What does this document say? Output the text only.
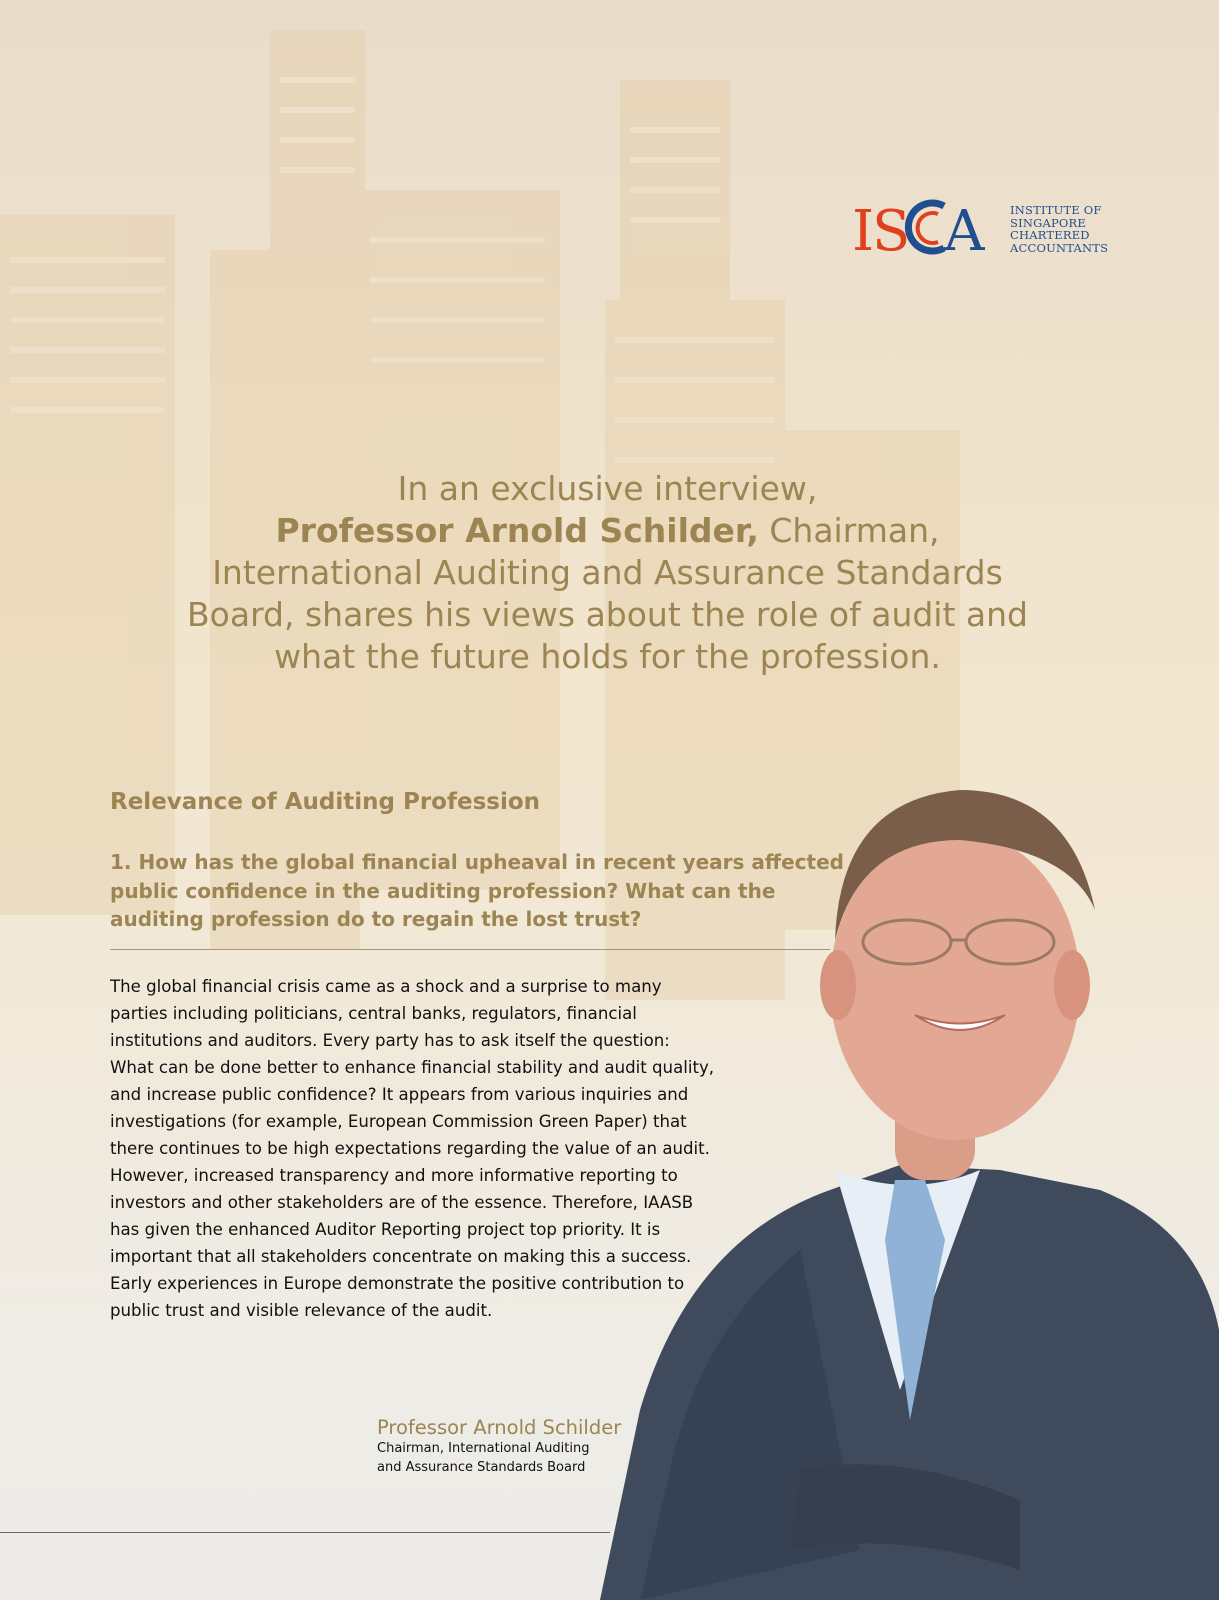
I
S A INSTITUTE OF
SINGAPORE
CHARTERED
ACCOUNTANTS
In an exclusive interview,
Professor Arnold Schilder, Chairman,
International Auditing and Assurance Standards
Board, shares his views about the role of audit and
what the future holds for the profession.
Relevance of Auditing Profession
1. How has the global financial upheaval in recent years affected
public confidence in the auditing profession? What can the
auditing profession do to regain the lost trust?
The global financial crisis came as a shock and a surprise to many
parties including politicians, central banks, regulators, financial
institutions and auditors. Every party has to ask itself the question:
What can be done better to enhance financial stability and audit quality,
and increase public confidence? It appears from various inquiries and
investigations (for example, European Commission Green Paper) that
there continues to be high expectations regarding the value of an audit.
However, increased transparency and more informative reporting to
investors and other stakeholders are of the essence. Therefore, IAASB
has given the enhanced Auditor Reporting project top priority. It is
important that all stakeholders concentrate on making this a success.
Early experiences in Europe demonstrate the positive contribution to
public trust and visible relevance of the audit.
Professor Arnold Schilder
Chairman, International Auditing
and Assurance Standards Board
